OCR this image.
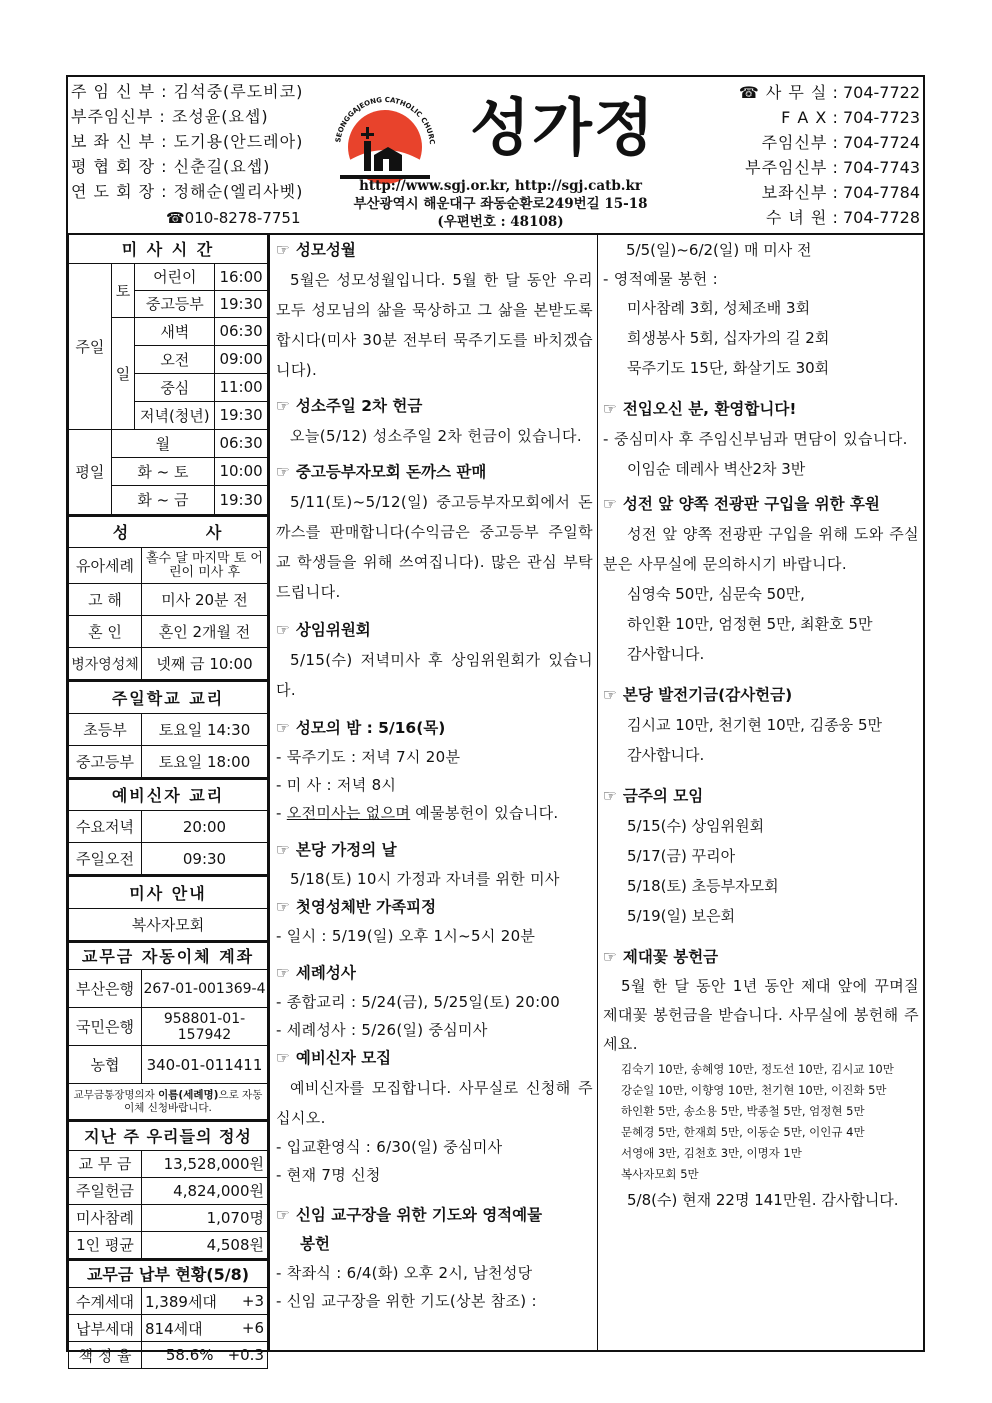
주 임 신 부 : 김석중(루도비코)
부주임신부 : 조성윤(요셉)
보 좌 신 부 : 도기용(안드레아)
평 협 회 장 : 신춘길(요셉)
연 도 회 장 : 정해순(엘리사벳)
☎010-8278-7751
SEONGGAJEONG CATHOLIC CHURC 성가정
http://www.sgj.or.kr, http://sgj.catb.kr
부산광역시 해운대구 좌동순환로249번길 15-18
(우편번호 : 48108)
☎ 사 무 실
: 704-7722
F A X
: 704-7723
주임신부
: 704-7724
부주임신부
: 704-7743
보좌신부
: 704-7784
수 녀 원
: 704-7728
미 사 시 간			
주일	토	어린이	16:00
		중고등부	19:30
	일	새벽	06:30
		오전	09:00
		중심	11:00
		저녁(청년)	19:30
평일	월		06:30
	화 ~ 토		10:00
	화 ~ 금		19:30
성          사	
유아세례	홀수 달 마지막 토 어린이 미사 후
고 해	미사 20분 전
혼 인	혼인 2개월 전
병자영성체	넷째 금 10:00
주일학교 교리	
초등부	토요일 14:30
중고등부	토요일 18:00
예비신자 교리	
수요저녁	20:00
주일오전	09:30
미사 안내
복사자모회
교무금 자동이체 계좌	
부산은행	267-01-001369-4
국민은행	958801-01-157942
농협	340-01-011411
교무금통장명의자 이름(세례명)으로 자동이체 신청바랍니다.	
지난 주 우리들의 정성	
교 무 금	13,528,000원
주일헌금	4,824,000원
미사참례	1,070명
1인 평균	4,508원
교무금 납부 현황(5/8)		
수계세대	1,389세대	+3
납부세대	814세대	+6
책 정 율	58.6%	+0.3
☞ 성모성월
5월은 성모성월입니다. 5월 한 달 동안 우리 모두 성모님의 삶을 묵상하고 그 삶을 본받도록 합시다(미사 30분 전부터 묵주기도를 바치겠습니다).
☞ 성소주일 2차 헌금
오늘(5/12) 성소주일 2차 헌금이 있습니다.
☞ 중고등부자모회 돈까스 판매
5/11(토)~5/12(일) 중고등부자모회에서 돈까스를 판매합니다(수익금은 중고등부 주일학교 학생들을 위해 쓰여집니다). 많은 관심 부탁드립니다.
☞ 상임위원회
5/15(수) 저녁미사 후 상임위원회가 있습니다.
☞ 성모의 밤 : 5/16(목)
- 묵주기도 : 저녁 7시 20분
- 미 사 : 저녁 8시
- 오전미사는 없으며 예물봉헌이 있습니다.
☞ 본당 가정의 날
5/18(토) 10시 가정과 자녀를 위한 미사
☞ 첫영성체반 가족피정
- 일시 : 5/19(일) 오후 1시~5시 20분
☞ 세례성사
- 종합교리 : 5/24(금), 5/25일(토) 20:00
- 세례성사 : 5/26(일) 중심미사
☞ 예비신자 모집
예비신자를 모집합니다. 사무실로 신청해 주십시오.
- 입교환영식 : 6/30(일) 중심미사
- 현재 7명 신청
☞ 신임 교구장을 위한 기도와 영적예물
봉헌
- 착좌식 : 6/4(화) 오후 2시, 남천성당
- 신임 교구장을 위한 기도(상본 참조) :
5/5(일)~6/2(일) 매 미사 전
- 영적예물 봉헌 :
미사참례 3회, 성체조배 3회
희생봉사 5회, 십자가의 길 2회
묵주기도 15단, 화살기도 30회
☞ 전입오신 분, 환영합니다!
- 중심미사 후 주임신부님과 면담이 있습니다.
이임순 데레사 벽산2차 3반
☞ 성전 앞 양쪽 전광판 구입을 위한 후원
성전 앞 양쪽 전광판 구입을 위해 도와 주실 분은 사무실에 문의하시기 바랍니다.
심영숙 50만, 심문숙 50만,
하인환 10만, 엄정현 5만, 최환호 5만
감사합니다.
☞ 본당 발전기금(감사헌금)
김시교 10만, 천기현 10만, 김종웅 5만
감사합니다.
☞ 금주의 모임
5/15(수) 상임위원회
5/17(금) 꾸리아
5/18(토) 초등부자모회
5/19(일) 보은회
☞ 제대꽃 봉헌금
5월 한 달 동안 1년 동안 제대 앞에 꾸며질 제대꽃 봉헌금을 받습니다. 사무실에 봉헌해 주세요.
김숙기 10만, 송혜영 10만, 정도선 10만, 김시교 10만
강순일 10만, 이향영 10만, 천기현 10만, 이진화 5만
하인환 5만, 송소용 5만, 박종철 5만, 엄정현 5만
문혜경 5만, 한재희 5만, 이동순 5만, 이인규 4만
서영애 3만, 김천호 3만, 이명자 1만
복사자모회 5만
5/8(수) 현재 22명 141만원. 감사합니다.
